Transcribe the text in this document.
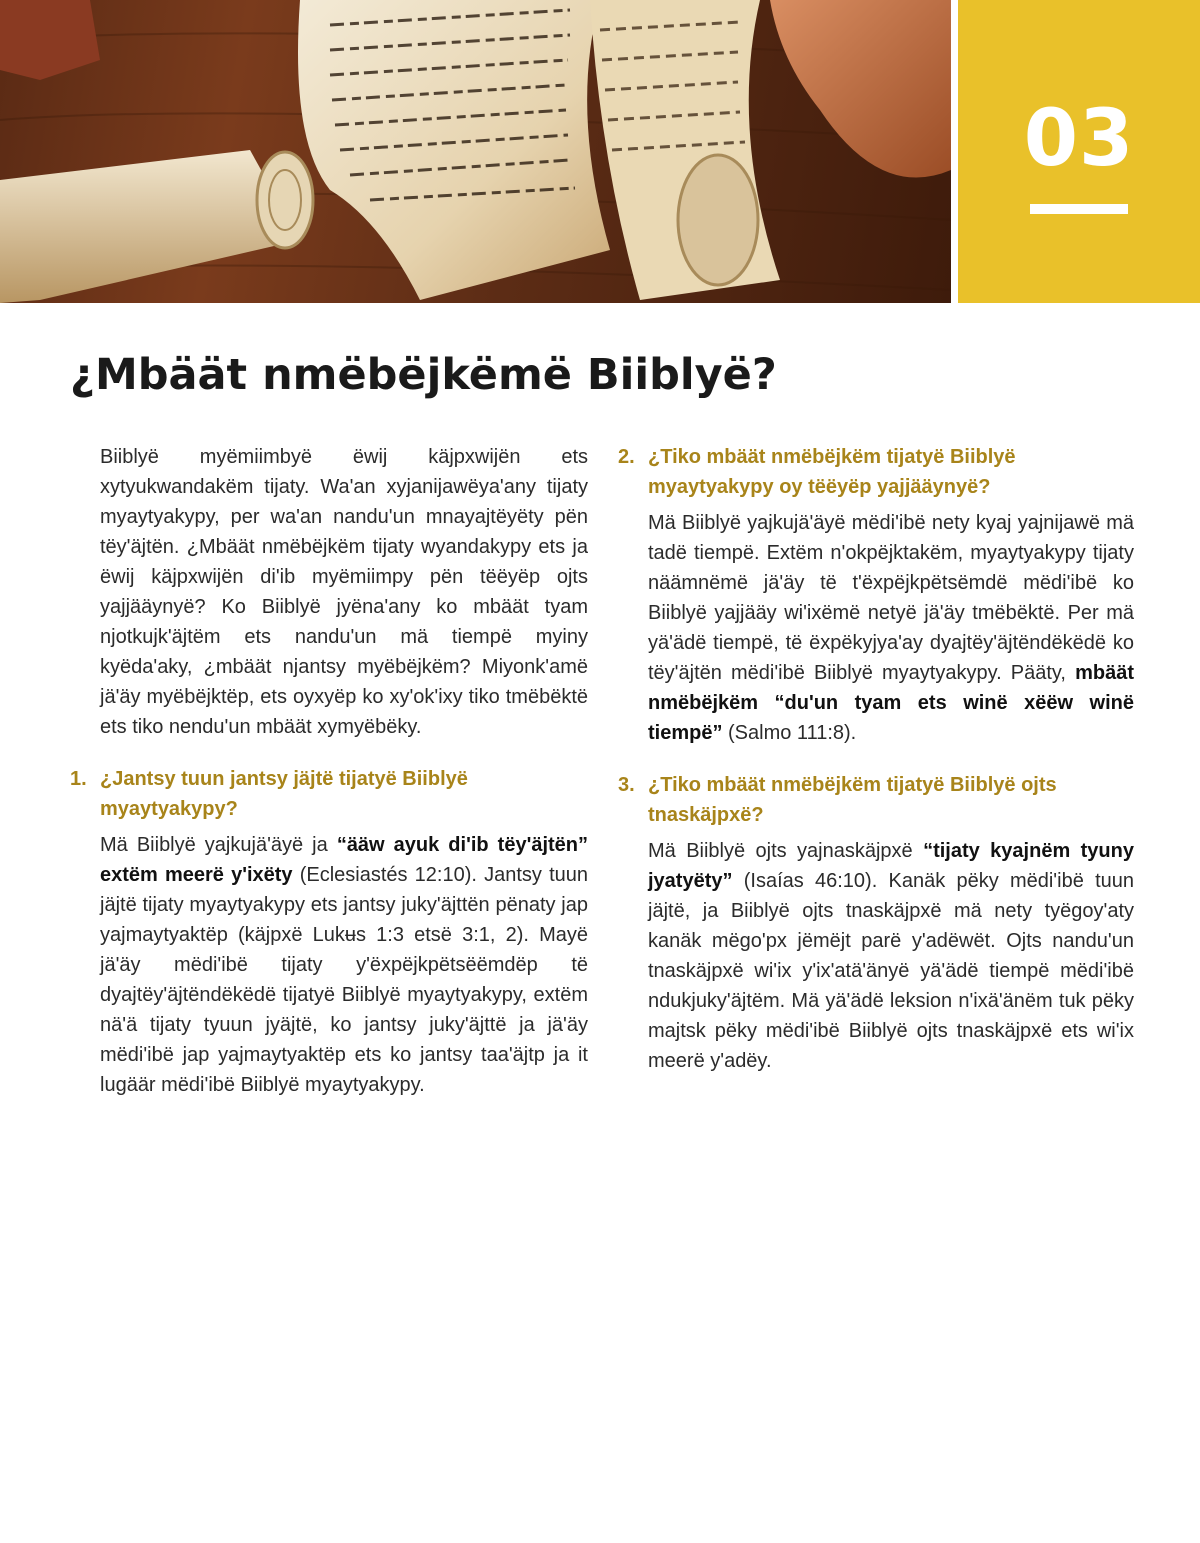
03
¿Mbäät nmëbëjkëmë Biiblyë?

Biiblyë myëmiimbyë ëwij käjpxwijën ets xytyukwandakëm tijaty. Wa'an xyjanijawëya'any tijaty myaytyakypy, per wa'an nandu'un mnayajtëyëty pën tëy'äjtën. ¿Mbäät nmëbëjkëm tijaty wyandakypy ets ja ëwij käjpxwijën di'ib myëmiimpy pën tëëyëp ojts yajjääynyë? Ko Biiblyë jyëna'any ko mbäät tyam njotkujk'äjtëm ets nandu'un mä tiempë myiny kyëda'aky, ¿mbäät njantsy myëbëjkëm? Miyonk'amë jä'äy myëbëjktëp, ets oyxyëp ko xy'ok'ixy tiko tmëbëktë ets tiko nendu'un mbäät xymyëbëky.

1. ¿Jantsy tuun jantsy jäjtë tijatyë Biiblyë myaytyakypy?

Mä Biiblyë yajkujä'äyë ja “ääw ayuk di'ib tëy'äjtën” extëm meerë y'ixëty (Eclesiastés 12:10). Jantsy tuun jäjtë tijaty myaytyakypy ets jantsy juky'äjttën pënaty jap yajmaytyaktëp (käjpxë Lukʉs 1:3 etsë 3:1, 2). Mayë jä'äy mëdi'ibë tijaty y'ëxpëjkpëtsëëmdëp të dyajtëy'äjtëndëkëdë tijatyë Biiblyë myaytyakypy, extëm nä'ä tijaty tyuun jyäjtë, ko jantsy juky'äjttë ja jä'äy mëdi'ibë jap yajmaytyaktëp ets ko jantsy taa'äjtp ja it lugäär mëdi'ibë Biiblyë myaytyakypy.

2. ¿Tiko mbäät nmëbëjkëm tijatyë Biiblyë myaytyakypy oy tëëyëp yajjääynyë?

Mä Biiblyë yajkujä'äyë mëdi'ibë nety kyaj yajnijawë mä tadë tiempë. Extëm n'okpëjktakëm, myaytyakypy tijaty näämnëmë jä'äy të t'ëxpëjkpëtsëmdë mëdi'ibë ko Biiblyë yajjääy wi'ixëmë netyë jä'äy tmëbëktë. Per mä yä'ädë tiempë, të ëxpëkyjya'ay dyajtëy'äjtëndëkëdë ko tëy'äjtën mëdi'ibë Biiblyë myaytyakypy. Pääty, mbäät nmëbëjkëm “du'un tyam ets winë xëëw winë tiempë” (Salmo 111:8).

3. ¿Tiko mbäät nmëbëjkëm tijatyë Biiblyë ojts tnaskäjpxë?

Mä Biiblyë ojts yajnaskäjpxë “tijaty kyajnëm tyuny jyatyëty” (Isaías 46:10). Kanäk pëky mëdi'ibë tuun jäjtë, ja Biiblyë ojts tnaskäjpxë mä nety tyëgoy'aty kanäk mëgo'px jëmëjt parë y'adëwët. Ojts nandu'un tnaskäjpxë wi'ix y'ix'atä'änyë yä'ädë tiempë mëdi'ibë ndukjuky'äjtëm. Mä yä'ädë leksion n'ixä'änëm tuk pëky majtsk pëky mëdi'ibë Biiblyë ojts tnaskäjpxë ets wi'ix meerë y'adëy.
